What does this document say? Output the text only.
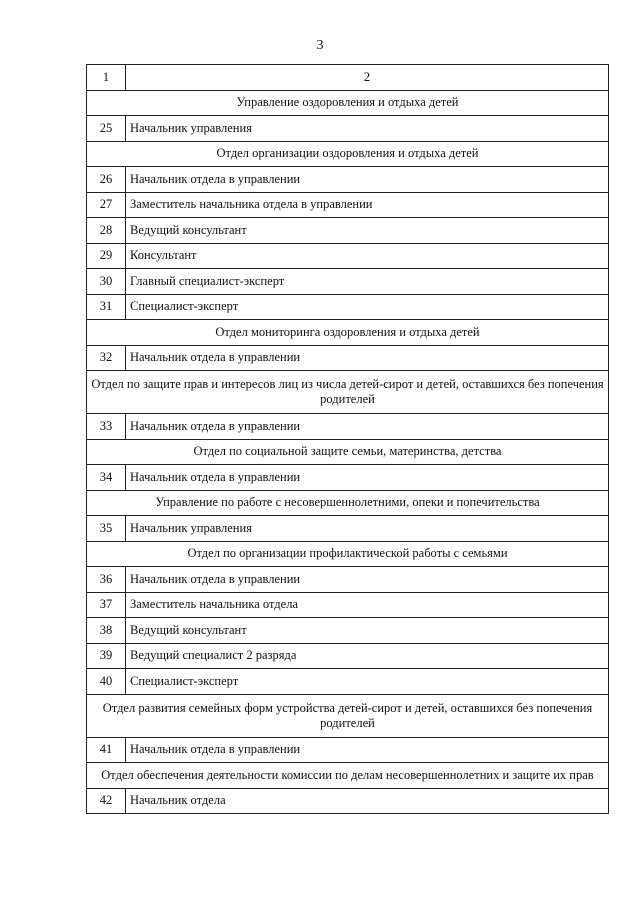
3
1	2
Управление оздоровления и отдыха детей	
25	Начальник управления
Отдел организации оздоровления и отдыха детей	
26	Начальник отдела в управлении
27	Заместитель начальника отдела в управлении
28	Ведущий консультант
29	Консультант
30	Главный специалист-эксперт
31	Специалист-эксперт
Отдел мониторинга оздоровления и отдыха детей	
32	Начальник отдела в управлении
Отдел по защите прав и интересов лиц из числа детей-сирот и детей, оставшихся без попечения родителей	
33	Начальник отдела в управлении
Отдел по социальной защите семьи, материнства, детства	
34	Начальник отдела в управлении
Управление по работе с несовершеннолетними, опеки и попечительства	
35	Начальник управления
Отдел по организации профилактической работы с семьями	
36	Начальник отдела в управлении
37	Заместитель начальника отдела
38	Ведущий консультант
39	Ведущий специалист 2 разряда
40	Специалист-эксперт
Отдел развития семейных форм устройства детей-сирот и детей, оставшихся без попечения родителей	
41	Начальник отдела в управлении
Отдел обеспечения деятельности комиссии по делам несовершеннолетних и защите их прав	
42	Начальник отдела
